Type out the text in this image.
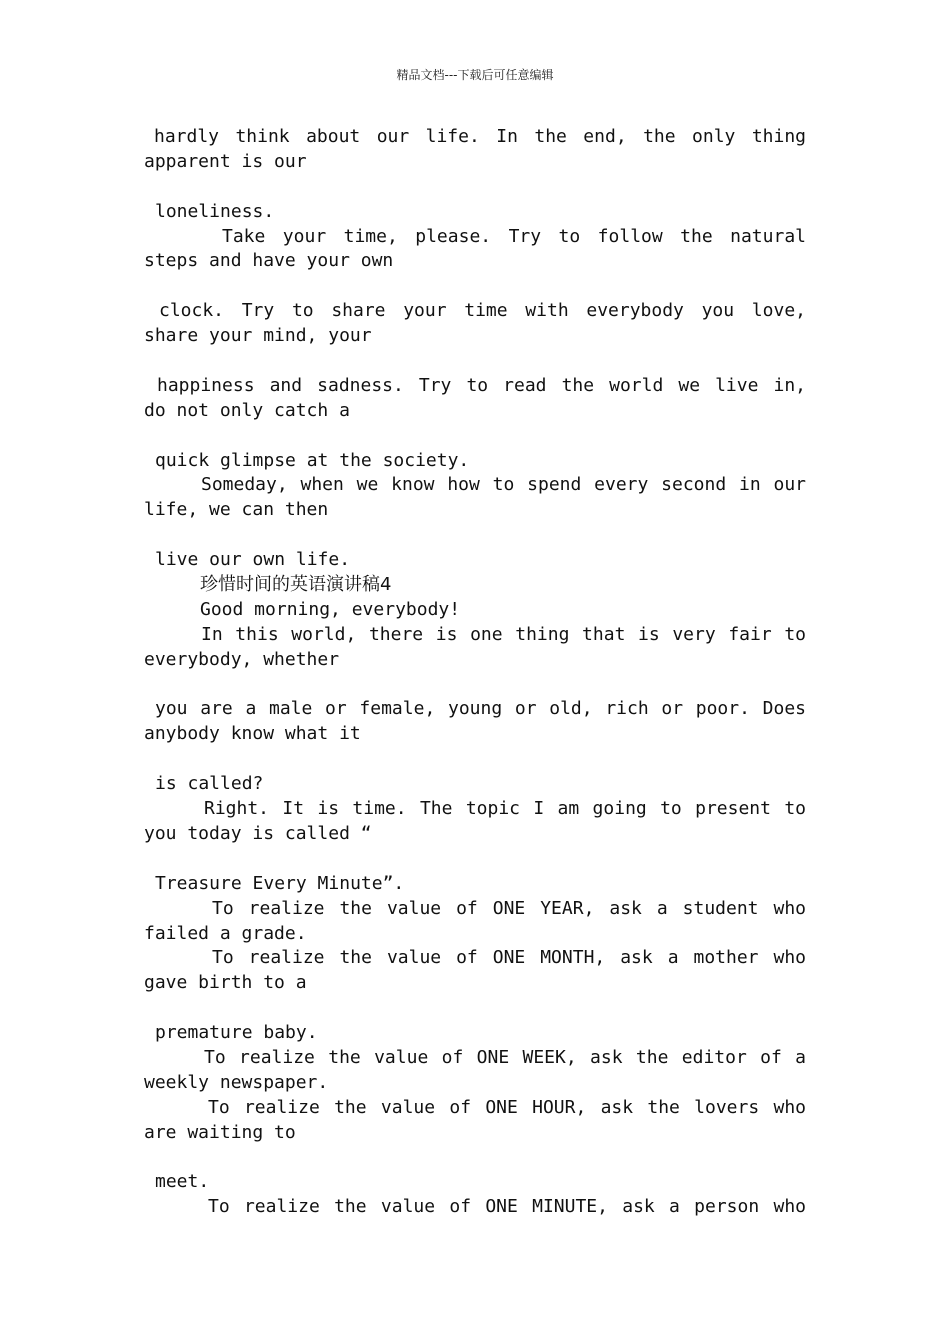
精品文档---下载后可任意编辑
hardly think about our life. In the end, the only thing
apparent is our

loneliness.
Take your time, please. Try to follow the natural
steps and have your own

clock. Try to share your time with everybody you love,
share your mind, your

happiness and sadness. Try to read the world we live in,
do not only catch a

quick glimpse at the society.
Someday, when we know how to spend every second in our
life, we can then

live our own life.
珍惜时间的英语演讲稿4
Good morning, everybody!
In this world, there is one thing that is very fair to
everybody, whether

you are a male or female, young or old, rich or poor. Does
anybody know what it

is called?
Right. It is time. The topic I am going to present to
you today is called “

Treasure Every Minute”.
To realize the value of ONE YEAR, ask a student who
failed a grade.
To realize the value of ONE MONTH, ask a mother who
gave birth to a

premature baby.
To realize the value of ONE WEEK, ask the editor of a
weekly newspaper.
To realize the value of ONE HOUR, ask the lovers who
are waiting to

meet.
To realize the value of ONE MINUTE, ask a person who
